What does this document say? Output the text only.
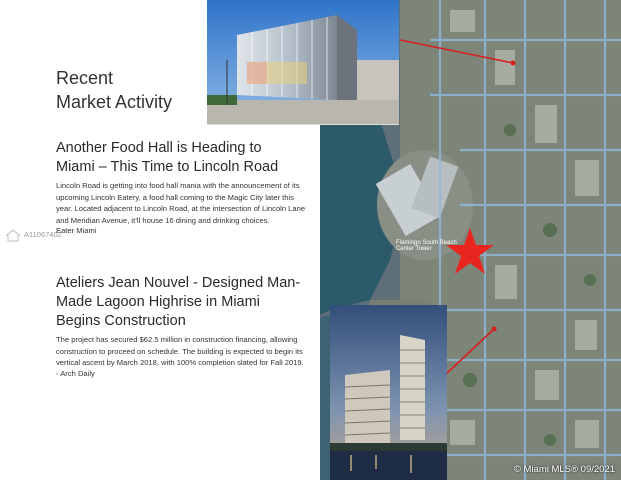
Flamingo South Beach Center Tower
Recent
Market Activity
Another Food Hall is Heading to
Miami – This Time to Lincoln Road

Lincoln Road is getting into food hall mania with the announcement of its upcoming Lincoln Eatery, a food hall coming to the Magic City later this year. Located adjacent to Lincoln Road, at the intersection of Lincoln Lane and Meridian Avenue, it’ll house 16 dining and drinking choices.

Eater Miami
Ateliers Jean Nouvel - Designed Man-
Made Lagoon Highrise in Miami
Begins Construction

The project has secured $62.5 million in construction financing, allowing construction to proceed on schedule. The building is expected to begin its vertical ascent by March 2018, with 100% completion slated for Fall 2019.

- Arch Daily
A11067402
© Miami MLS® 09/2021
